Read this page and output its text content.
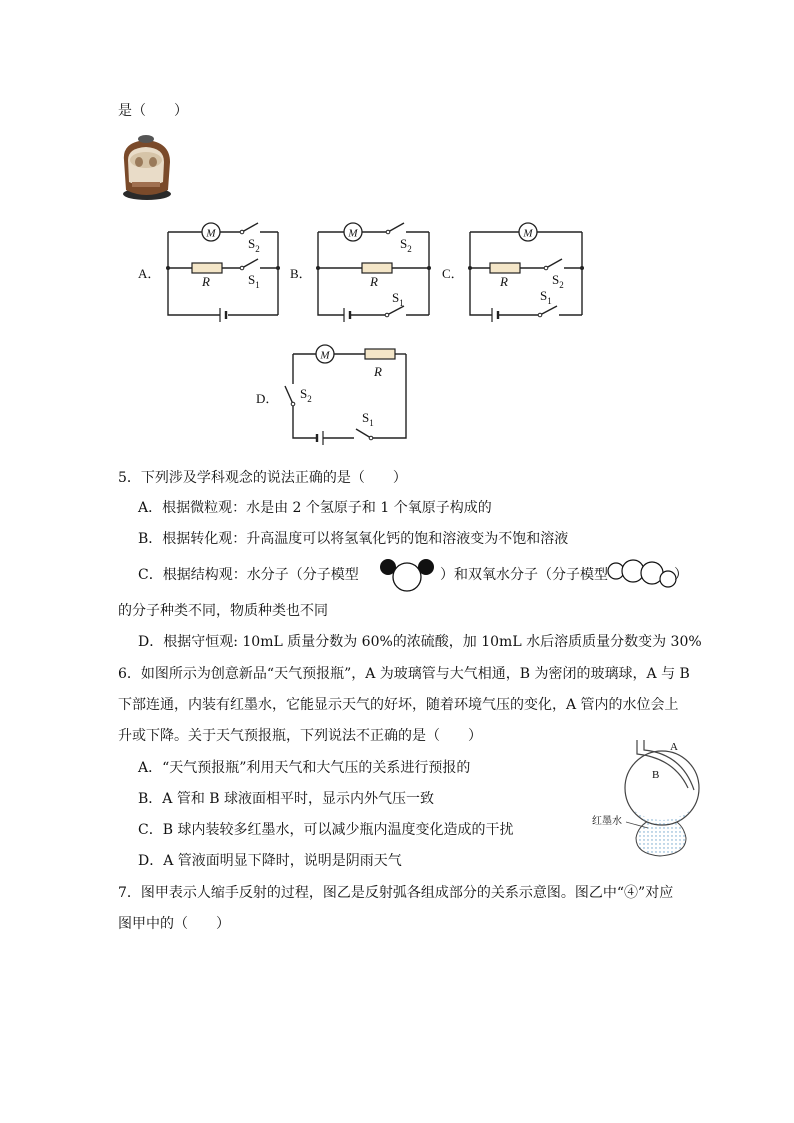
是（　　）
A．
M
R
$S_2$
$S_1$
B．
M
R
$S_2$
$S_1$
C．
M
R	$S_2$
$S_1$
D．
M
R
$S_2$
$S_1$
5．下列涉及学科观念的说法正确的是（　　）
A．根据微粒观：水是由 2 个氢原子和 1 个氧原子构成的
B．根据转化观：升高温度可以将氢氧化钙的饱和溶液变为不饱和溶液
C．根据结构观：水分子（分子模型	）和双氧水分子（分子模型	）
的分子种类不同，物质种类也不同
D．根据守恒观: 10mL 质量分数为 60%的浓硫酸，加 10mL 水后溶质质量分数变为 30%
6．如图所示为创意新品“天气预报瓶”，A 为玻璃管与大气相通，B 为密闭的玻璃球，A 与 B
下部连通，内装有红墨水，它能显示天气的好坏，随着环境气压的变化，A 管内的水位会上
升或下降。关于天气预报瓶，下列说法不正确的是（　　）
A．“天气预报瓶”利用天气和大气压的关系进行预报的
B．A 管和 B 球液面相平时，显示内外气压一致
C．B 球内装较多红墨水，可以减少瓶内温度变化造成的干扰
D．A 管液面明显下降时，说明是阴雨天气
A
B
红墨水
7．图甲表示人缩手反射的过程，图乙是反射弧各组成部分的关系示意图。图乙中“④”对应
图甲中的（　　）
